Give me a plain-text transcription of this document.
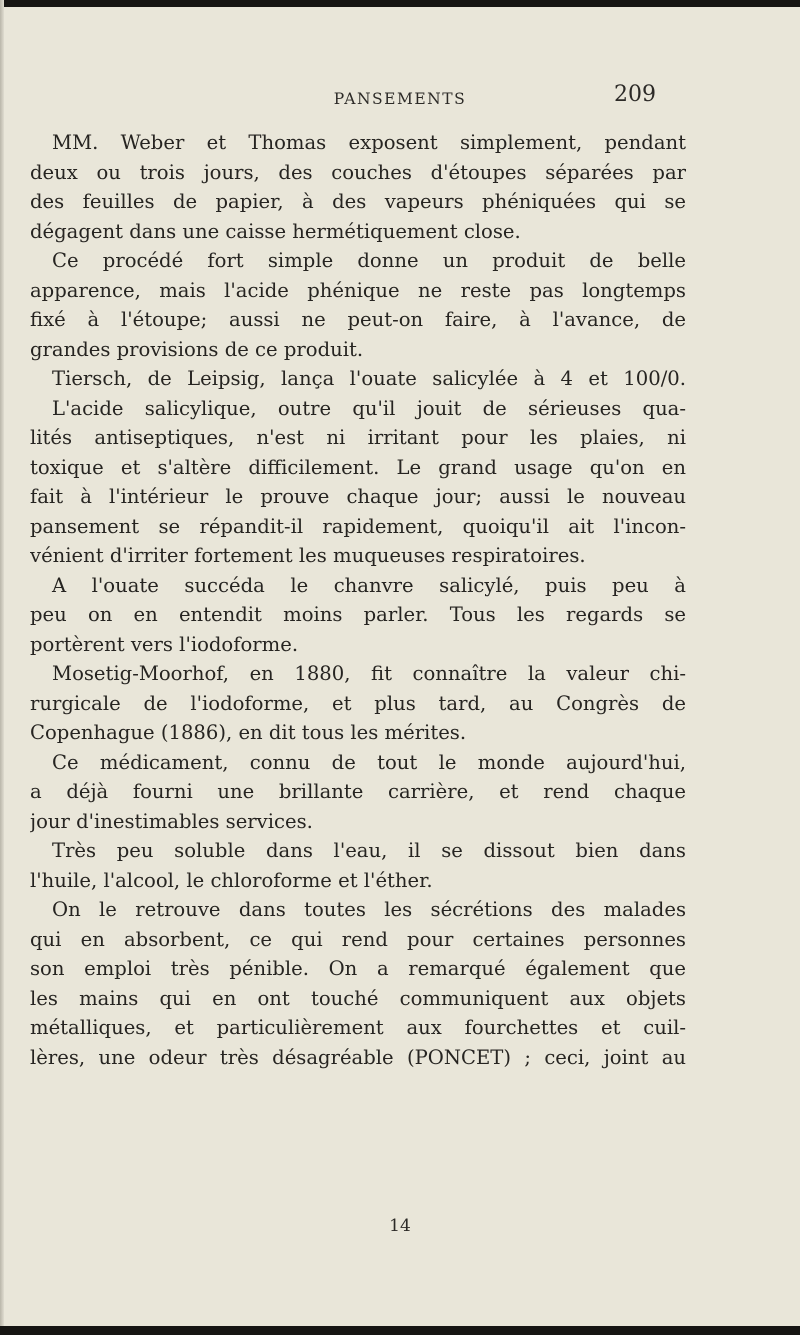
PANSEMENTS	209
MM. Weber et Thomas exposent simplement, pendant
deux ou trois jours, des couches d'étoupes séparées par
des feuilles de papier, à des vapeurs phéniquées qui se
dégagent dans une caisse hermétiquement close.
Ce procédé fort simple donne un produit de belle
apparence, mais l'acide phénique ne reste pas longtemps
fixé à l'étoupe; aussi ne peut-on faire, à l'avance, de
grandes provisions de ce produit.
Tiersch, de Leipsig, lança l'ouate salicylée à 4 et 100/0.
L'acide salicylique, outre qu'il jouit de sérieuses qua-
lités antiseptiques, n'est ni irritant pour les plaies, ni
toxique et s'altère difficilement. Le grand usage qu'on en
fait à l'intérieur le prouve chaque jour; aussi le nouveau
pansement se répandit-il rapidement, quoiqu'il ait l'incon-
vénient d'irriter fortement les muqueuses respiratoires.
A l'ouate succéda le chanvre salicylé, puis peu à
peu on en entendit moins parler. Tous les regards se
portèrent vers l'iodoforme.
Mosetig-Moorhof, en 1880, fit connaître la valeur chi-
rurgicale de l'iodoforme, et plus tard, au Congrès de
Copenhague (1886), en dit tous les mérites.
Ce médicament, connu de tout le monde aujourd'hui,
a déjà fourni une brillante carrière, et rend chaque
jour d'inestimables services.
Très peu soluble dans l'eau, il se dissout bien dans
l'huile, l'alcool, le chloroforme et l'éther.
On le retrouve dans toutes les sécrétions des malades
qui en absorbent, ce qui rend pour certaines personnes
son emploi très pénible. On a remarqué également que
les mains qui en ont touché communiquent aux objets
métalliques, et particulièrement aux fourchettes et cuil-
lères, une odeur très désagréable (PONCET) ; ceci, joint au
14
